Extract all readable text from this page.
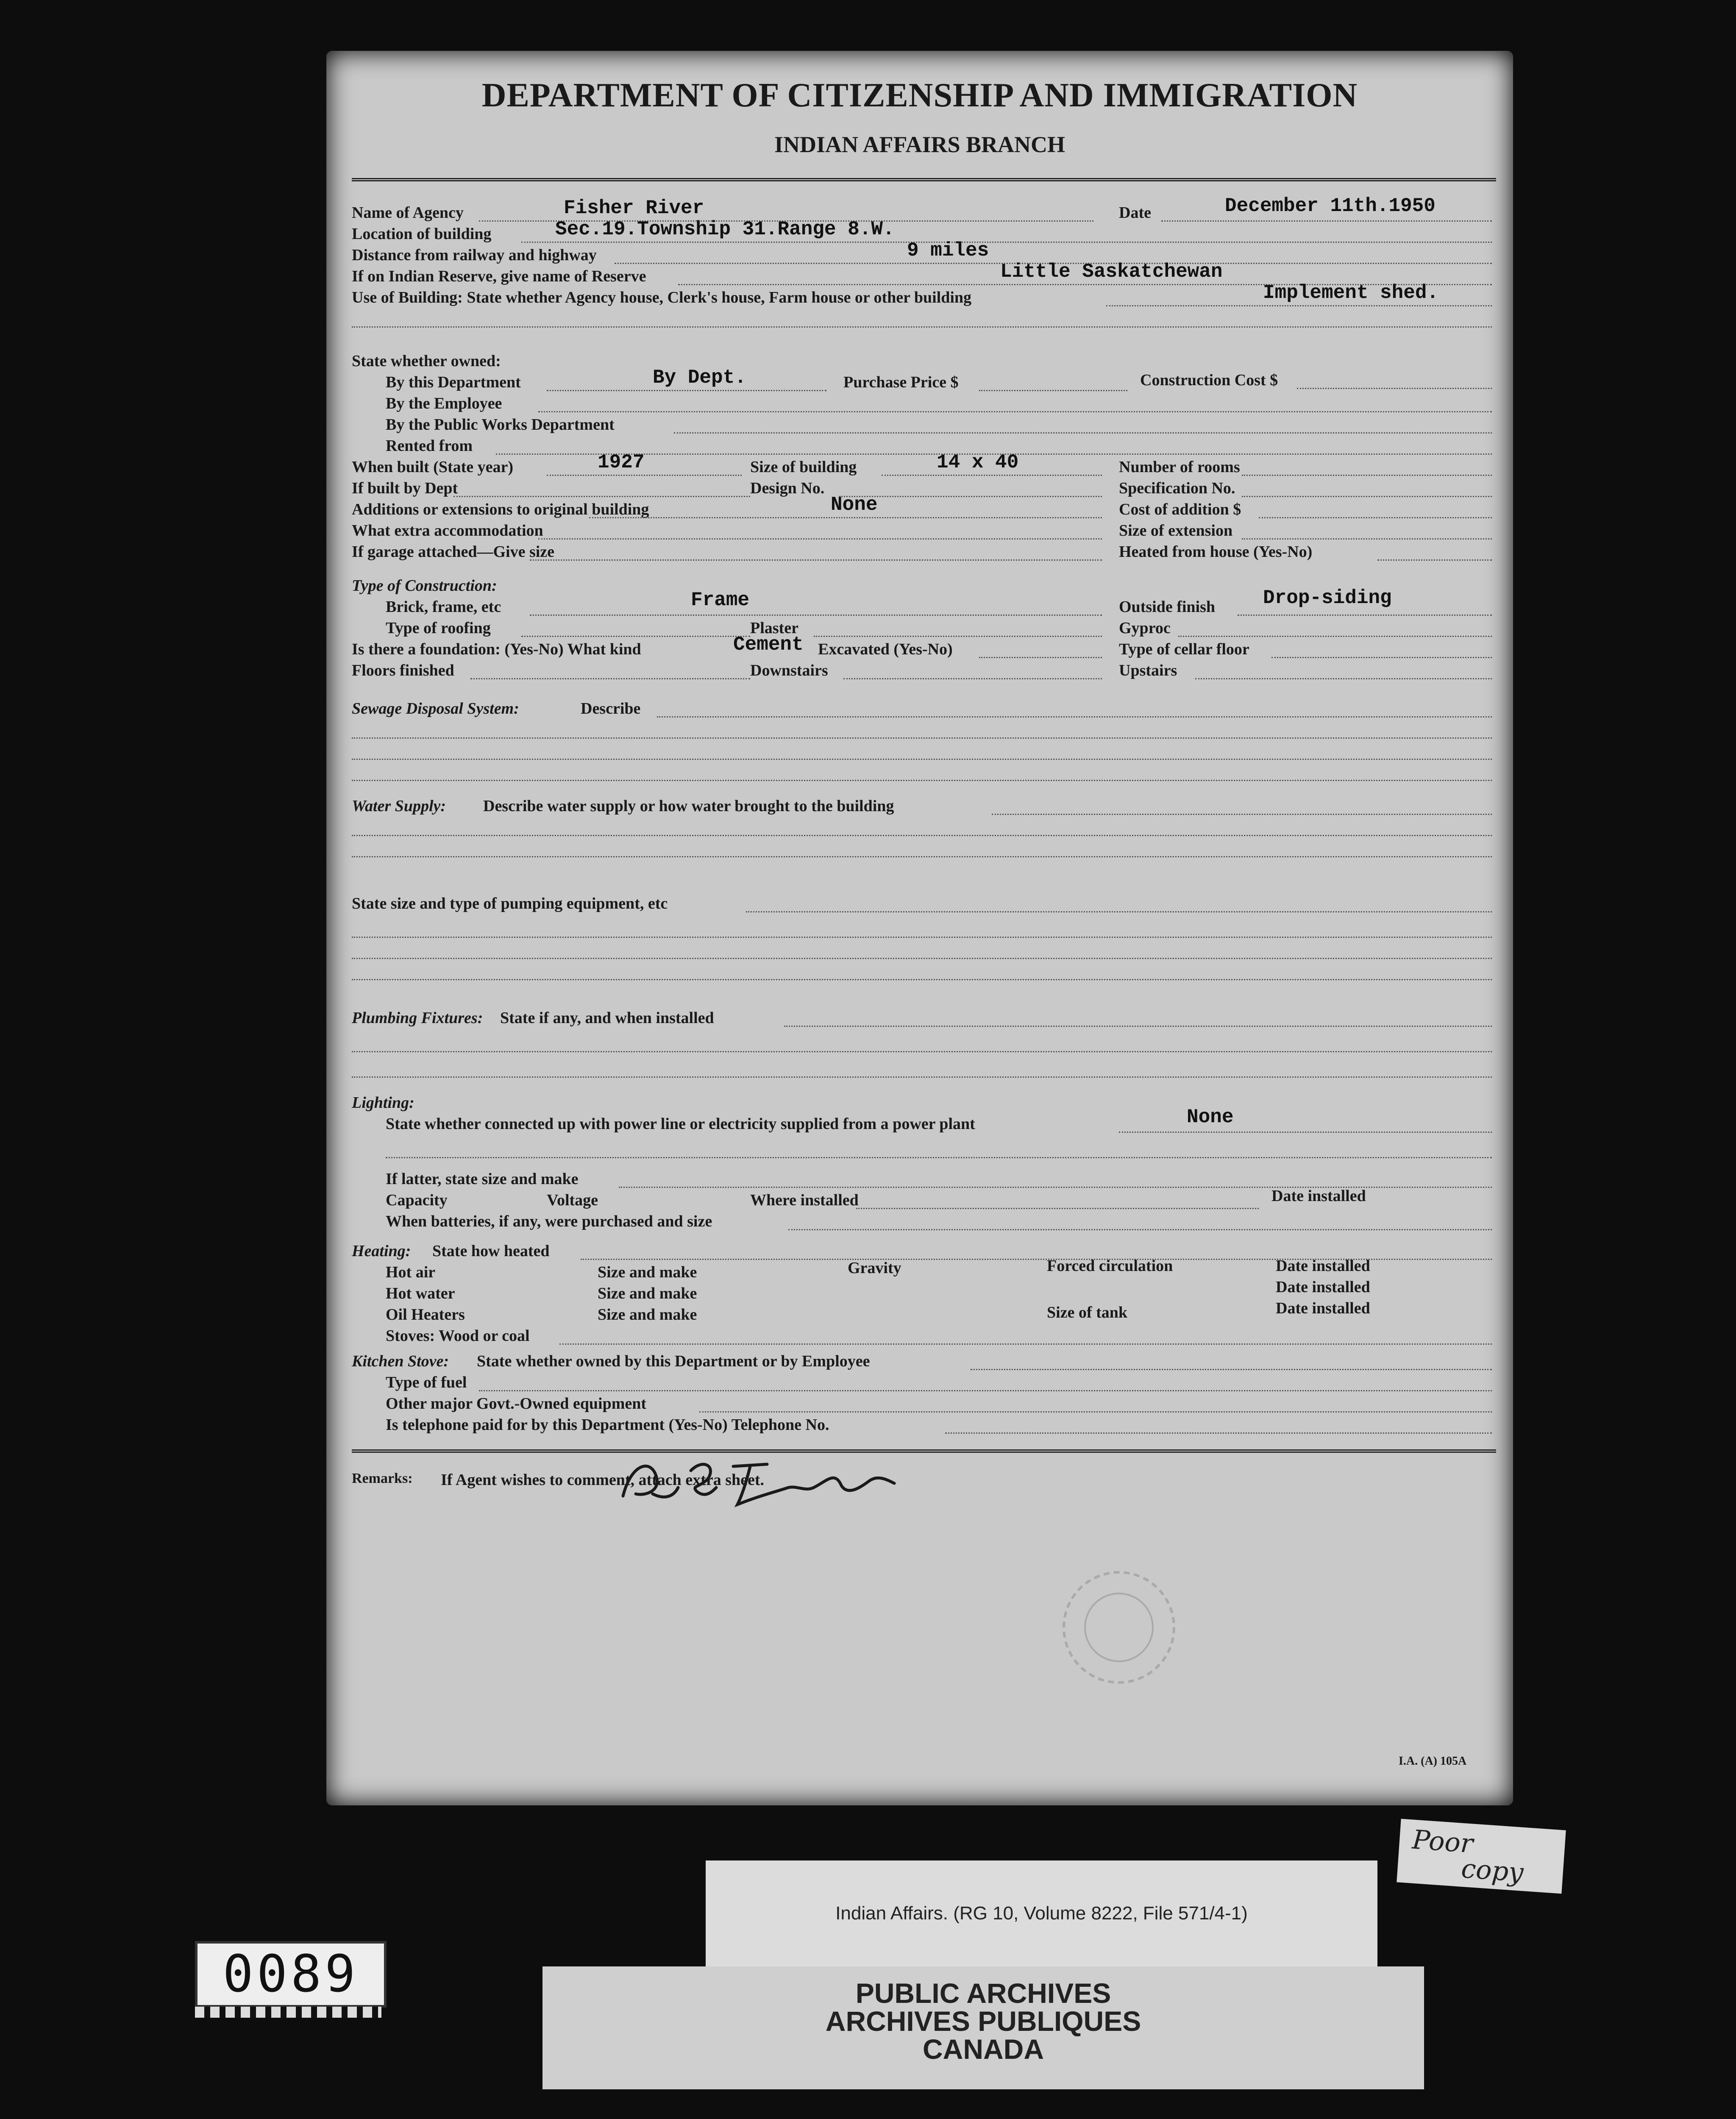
DEPARTMENT OF CITIZENSHIP AND IMMIGRATION
INDIAN AFFAIRS BRANCH
Name of Agency	Fisher River	Date	December 11th.1950
Location of building	Sec.19.Township 31.Range 8.W.
Distance from railway and highway	9 miles
If on Indian Reserve, give name of Reserve	Little Saskatchewan
Use of Building: State whether Agency house, Clerk's house, Farm house or other building	Implement shed.
State whether owned:
By this Department	By Dept.	Purchase Price $	Construction Cost $
By the Employee
By the Public Works Department
Rented from
When built (State year)	1927	Size of building	14 x 40	Number of rooms
If built by Dept	Design No.	Specification No.
Additions or extensions to original building	None	Cost of addition $
What extra accommodation	Size of extension
If garage attached—Give size	Heated from house (Yes-No)
Type of Construction:
Brick, frame, etc	Frame	Outside finish Drop-siding
Type of roofing	Plaster	Gyproc
Is there a foundation: (Yes-No) What kind	Cement Excavated (Yes-No)	Type of cellar floor
Floors finished	Downstairs	Upstairs
Sewage Disposal System:	Describe
Water Supply: Describe water supply or how water brought to the building
State size and type of pumping equipment, etc
Plumbing Fixtures: State if any, and when installed
Lighting:
State whether connected up with power line or electricity supplied from a power plant	None
If latter, state size and make
Capacity	Voltage	Where installed	Date installed
When batteries, if any, were purchased and size
Heating: State how heated
Hot air	Size and make	Gravity	Forced circulation	Date installed
Hot water	Size and make	Date installed
Oil Heaters	Size and make	Size of tank	Date installed
Stoves: Wood or coal
Kitchen Stove: State whether owned by this Department or by Employee
Type of fuel
Other major Govt.-Owned equipment
Is telephone paid for by this Department (Yes-No) Telephone No.
Remarks: If Agent wishes to comment, attach extra sheet.
I.A. (A) 105A
Indian Affairs. (RG 10, Volume 8222, File 571/4-1)
Poor
copy
PUBLIC ARCHIVES
ARCHIVES PUBLIQUES
CANADA
0089
